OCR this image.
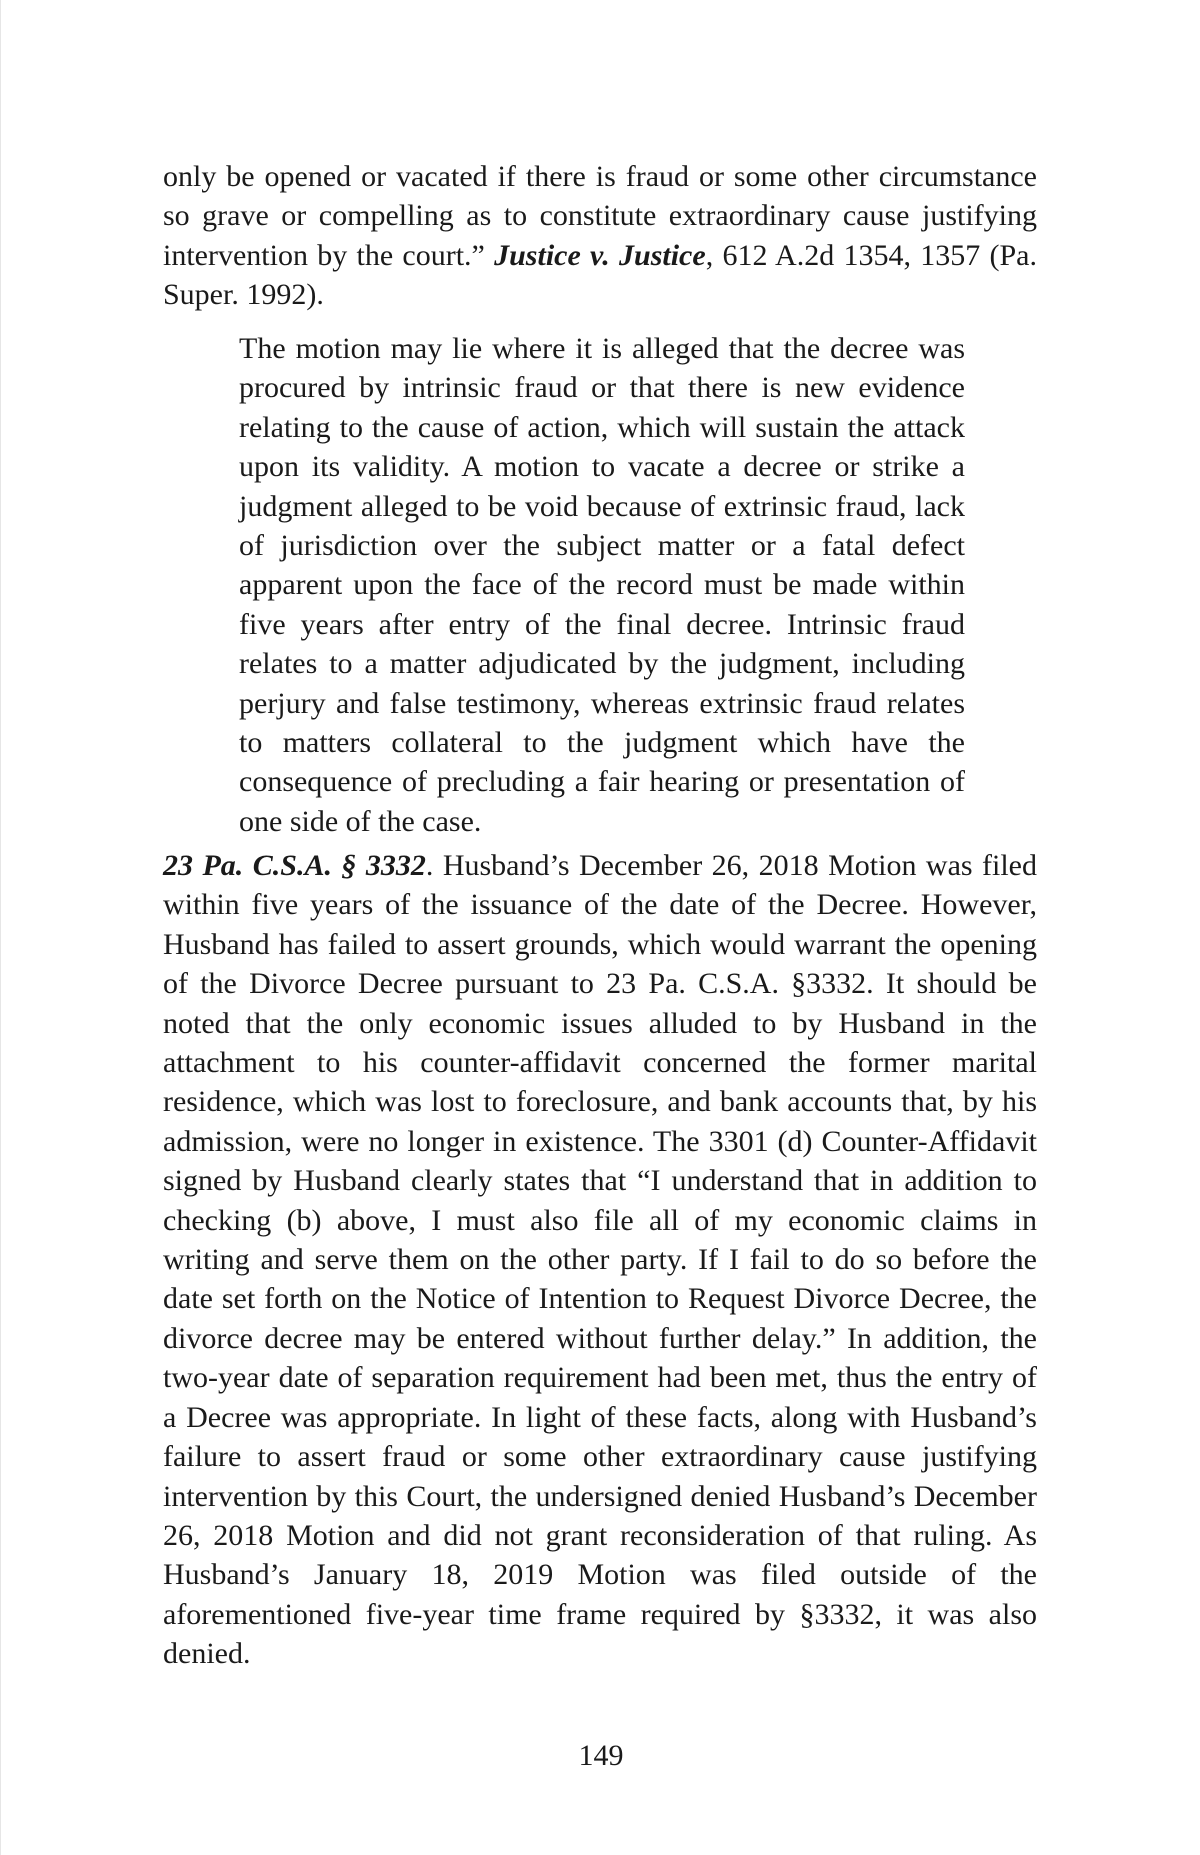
only be opened or vacated if there is fraud or some other circumstance so grave or compelling as to constitute extraordinary cause justifying intervention by the court.” Justice v. Justice, 612 A.2d 1354, 1357 (Pa. Super. 1992).

The motion may lie where it is alleged that the decree was procured by intrinsic fraud or that there is new evidence relating to the cause of action, which will sustain the attack upon its validity. A motion to vacate a decree or strike a judgment alleged to be void because of extrinsic fraud, lack of jurisdiction over the subject matter or a fatal defect apparent upon the face of the record must be made within five years after entry of the final decree. Intrinsic fraud relates to a matter adjudicated by the judgment, including perjury and false testimony, whereas extrinsic fraud relates to matters collateral to the judgment which have the consequence of precluding a fair hearing or presentation of one side of the case.

23 Pa. C.S.A. § 3332. Husband’s December 26, 2018 Motion was filed within five years of the issuance of the date of the Decree. However, Husband has failed to assert grounds, which would warrant the opening of the Divorce Decree pursuant to 23 Pa. C.S.A. §3332. It should be noted that the only economic issues alluded to by Husband in the attachment to his counter-affidavit concerned the former marital residence, which was lost to foreclosure, and bank accounts that, by his admission, were no longer in existence. The 3301 (d) Counter-Affidavit signed by Husband clearly states that “I understand that in addition to checking (b) above, I must also file all of my economic claims in writing and serve them on the other party. If I fail to do so before the date set forth on the Notice of Intention to Request Divorce Decree, the divorce decree may be entered without further delay.” In addition, the two-year date of separation requirement had been met, thus the entry of a Decree was appropriate. In light of these facts, along with Husband’s failure to assert fraud or some other extraordinary cause justifying intervention by this Court, the undersigned denied Husband’s December 26, 2018 Motion and did not grant reconsideration of that ruling. As Husband’s January 18, 2019 Motion was filed outside of the aforementioned five-year time frame required by §3332, it was also denied.

149
